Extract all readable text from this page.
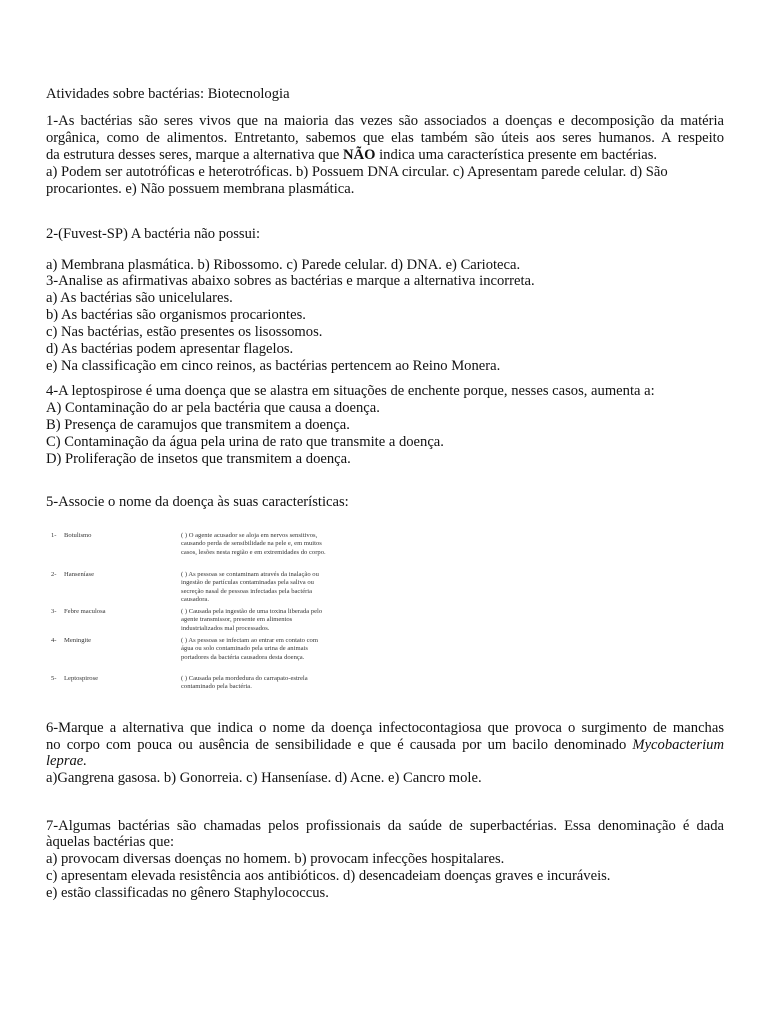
Atividades sobre bactérias: Biotecnologia
1-As bactérias são seres vivos que na maioria das vezes são associados a doenças e decomposição da matéria
orgânica, como de alimentos. Entretanto, sabemos que elas também são úteis aos seres humanos. A respeito
da estrutura desses seres, marque a alternativa que NÃO indica uma característica presente em bactérias.
a) Podem ser autotróficas e heterotróficas. b) Possuem DNA circular. c) Apresentam parede celular. d) São
procariontes. e) Não possuem membrana plasmática.
2-(Fuvest-SP) A bactéria não possui:
a) Membrana plasmática. b) Ribossomo. c) Parede celular. d) DNA. e) Carioteca.
3-Analise as afirmativas abaixo sobres as bactérias e marque a alternativa incorreta.
a) As bactérias são unicelulares.
b) As bactérias são organismos procariontes.
c) Nas bactérias, estão presentes os lisossomos.
d) As bactérias podem apresentar flagelos.
e) Na classificação em cinco reinos, as bactérias pertencem ao Reino Monera.
4-A leptospirose é uma doença que se alastra em situações de enchente porque, nesses casos, aumenta a:
A) Contaminação do ar pela bactéria que causa a doença.
B) Presença de caramujos que transmitem a doença.
C) Contaminação da água pela urina de rato que transmite a doença.
D) Proliferação de insetos que transmitem a doença.
5-Associe o nome da doença às suas características:
1- Botulismo	( ) O agente acusador se aloja em nervos sensitivos, causando perda de sensibilidade na pele e, em muitos casos, lesões nesta região e em extremidades do corpo.
2- Hanseníase	( ) As pessoas se contaminam através da inalação ou ingestão de partículas contaminadas pela saliva ou secreção nasal de pessoas infectadas pela bactéria causadora.
3- Febre maculosa	( ) Causada pela ingestão de uma toxina liberada pelo agente transmissor, presente em alimentos industrializados mal processados.
4- Meningite	( ) As pessoas se infectam ao entrar em contato com água ou solo contaminado pela urina de animais portadores da bactéria causadora desta doença.
5- Leptospirose	( ) Causada pela mordedura do carrapato-estrela contaminado pela bactéria.
6-Marque a alternativa que indica o nome da doença infectocontagiosa que provoca o surgimento de manchas
no corpo com pouca ou ausência de sensibilidade e que é causada por um bacilo denominado Mycobacterium
leprae.
a)Gangrena gasosa. b) Gonorreia. c) Hanseníase. d) Acne. e) Cancro mole.
7-Algumas bactérias são chamadas pelos profissionais da saúde de superbactérias. Essa denominação é dada
àquelas bactérias que:
a) provocam diversas doenças no homem. b) provocam infecções hospitalares.
c) apresentam elevada resistência aos antibióticos. d) desencadeiam doenças graves e incuráveis.
e) estão classificadas no gênero Staphylococcus.
